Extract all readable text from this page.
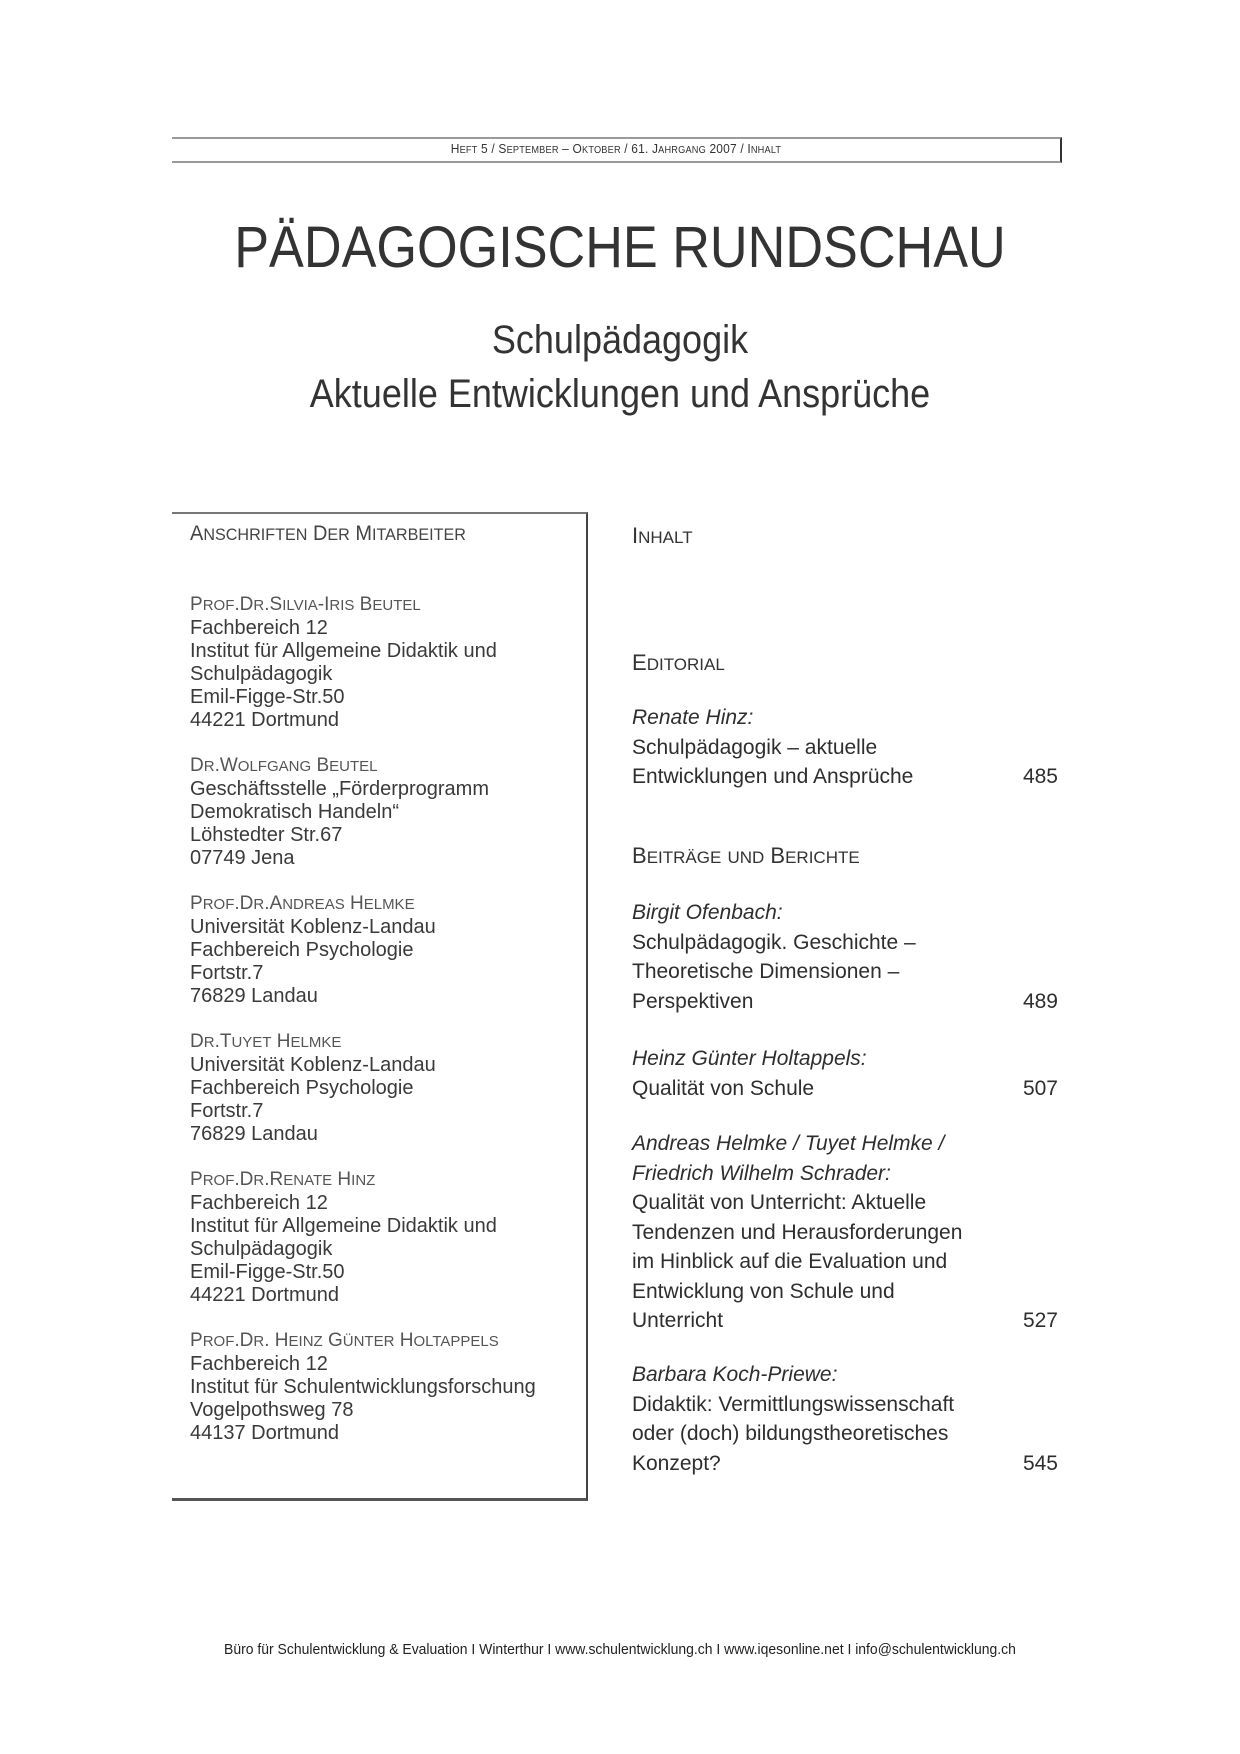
HEFT 5 / SEPTEMBER – OKTOBER / 61. JAHRGANG 2007 / INHALT
PÄDAGOGISCHE RUNDSCHAU
Schulpädagogik
Aktuelle Entwicklungen und Ansprüche
ANSCHRIFTEN DER MITARBEITER
PROF.DR.SILVIA-IRIS BEUTEL
Fachbereich 12
Institut für Allgemeine Didaktik und
Schulpädagogik
Emil-Figge-Str.50
44221 Dortmund
DR.WOLFGANG BEUTEL
Geschäftsstelle „Förderprogramm
Demokratisch Handeln“
Löhstedter Str.67
07749 Jena
PROF.DR.ANDREAS HELMKE
Universität Koblenz-Landau
Fachbereich Psychologie
Fortstr.7
76829 Landau
DR.TUYET HELMKE
Universität Koblenz-Landau
Fachbereich Psychologie
Fortstr.7
76829 Landau
PROF.DR.RENATE HINZ
Fachbereich 12
Institut für Allgemeine Didaktik und
Schulpädagogik
Emil-Figge-Str.50
44221 Dortmund
PROF.DR. HEINZ GÜNTER HOLTAPPELS
Fachbereich 12
Institut für Schulentwicklungsforschung
Vogelpothsweg 78
44137 Dortmund
INHALT
EDITORIAL
BEITRÄGE UND BERICHTE
Renate Hinz:
Schulpädagogik – aktuelle
Entwicklungen und Ansprüche	485
Birgit Ofenbach:
Schulpädagogik. Geschichte –
Theoretische Dimensionen –
Perspektiven	489
Heinz Günter Holtappels:
Qualität von Schule	507
Andreas Helmke / Tuyet Helmke /
Friedrich Wilhelm Schrader:
Qualität von Unterricht: Aktuelle
Tendenzen und Herausforderungen
im Hinblick auf die Evaluation und
Entwicklung von Schule und
Unterricht	527
Barbara Koch-Priewe:
Didaktik: Vermittlungswissenschaft
oder (doch) bildungstheoretisches
Konzept?	545
Büro für Schulentwicklung & Evaluation I Winterthur I www.schulentwicklung.ch I www.iqesonline.net I info@schulentwicklung.ch
